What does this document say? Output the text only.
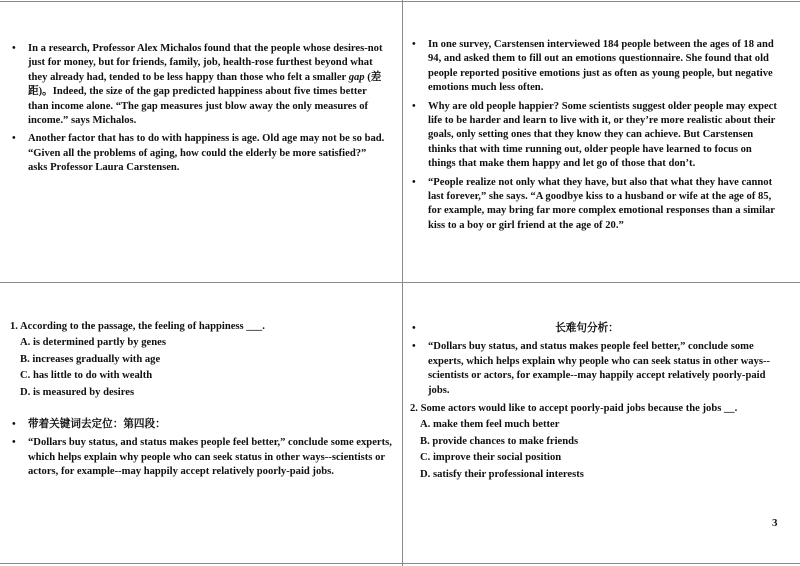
• In a research, Professor Alex Michalos found that the people whose desires-not just for money, but for friends, family, job, health-rose furthest beyond what they already had, tended to be less happy than those who felt a smaller gap (差距)。Indeed, the size of the gap predicted happiness about five times better than income alone. “The gap measures just blow away the only measures of income.” says Michalos.
• Another factor that has to do with happiness is age. Old age may not be so bad. “Given all the problems of aging, how could the elderly be more satisfied?” asks Professor Laura Carstensen.
• In one survey, Carstensen interviewed 184 people between the ages of 18 and 94, and asked them to fill out an emotions questionnaire. She found that old people reported positive emotions just as often as young people, but negative emotions much less often.
• Why are old people happier? Some scientists suggest older people may expect life to be harder and learn to live with it, or they’re more realistic about their goals, only setting ones that they know they can achieve. But Carstensen thinks that with time running out, older people have learned to focus on things that make them happy and let go of those that don’t.
• “People realize not only what they have, but also that what they have cannot last forever,” she says. “A goodbye kiss to a husband or wife at the age of 85, for example, may bring far more complex emotional responses than a similar kiss to a boy or girl friend at the age of 20.”
1. According to the passage, the feeling of happiness ___.
A. is determined partly by genes
B. increases gradually with age
C. has little to do with wealth
D. is measured by desires
• 带着关键词去定位：第四段：
• “Dollars buy status, and status makes people feel better,” conclude some experts, which helps explain why people who can seek status in other ways--scientists or actors, for example--may happily accept relatively poorly-paid jobs.
•	长难句分析：
• “Dollars buy status, and status makes people feel better,” conclude some experts, which helps explain why people who can seek status in other ways--scientists or actors, for example--may happily accept relatively poorly-paid jobs.
2. Some actors would like to accept poorly-paid jobs because the jobs __.
A. make them feel much better
B. provide chances to make friends
C. improve their social position
D. satisfy their professional interests
3
